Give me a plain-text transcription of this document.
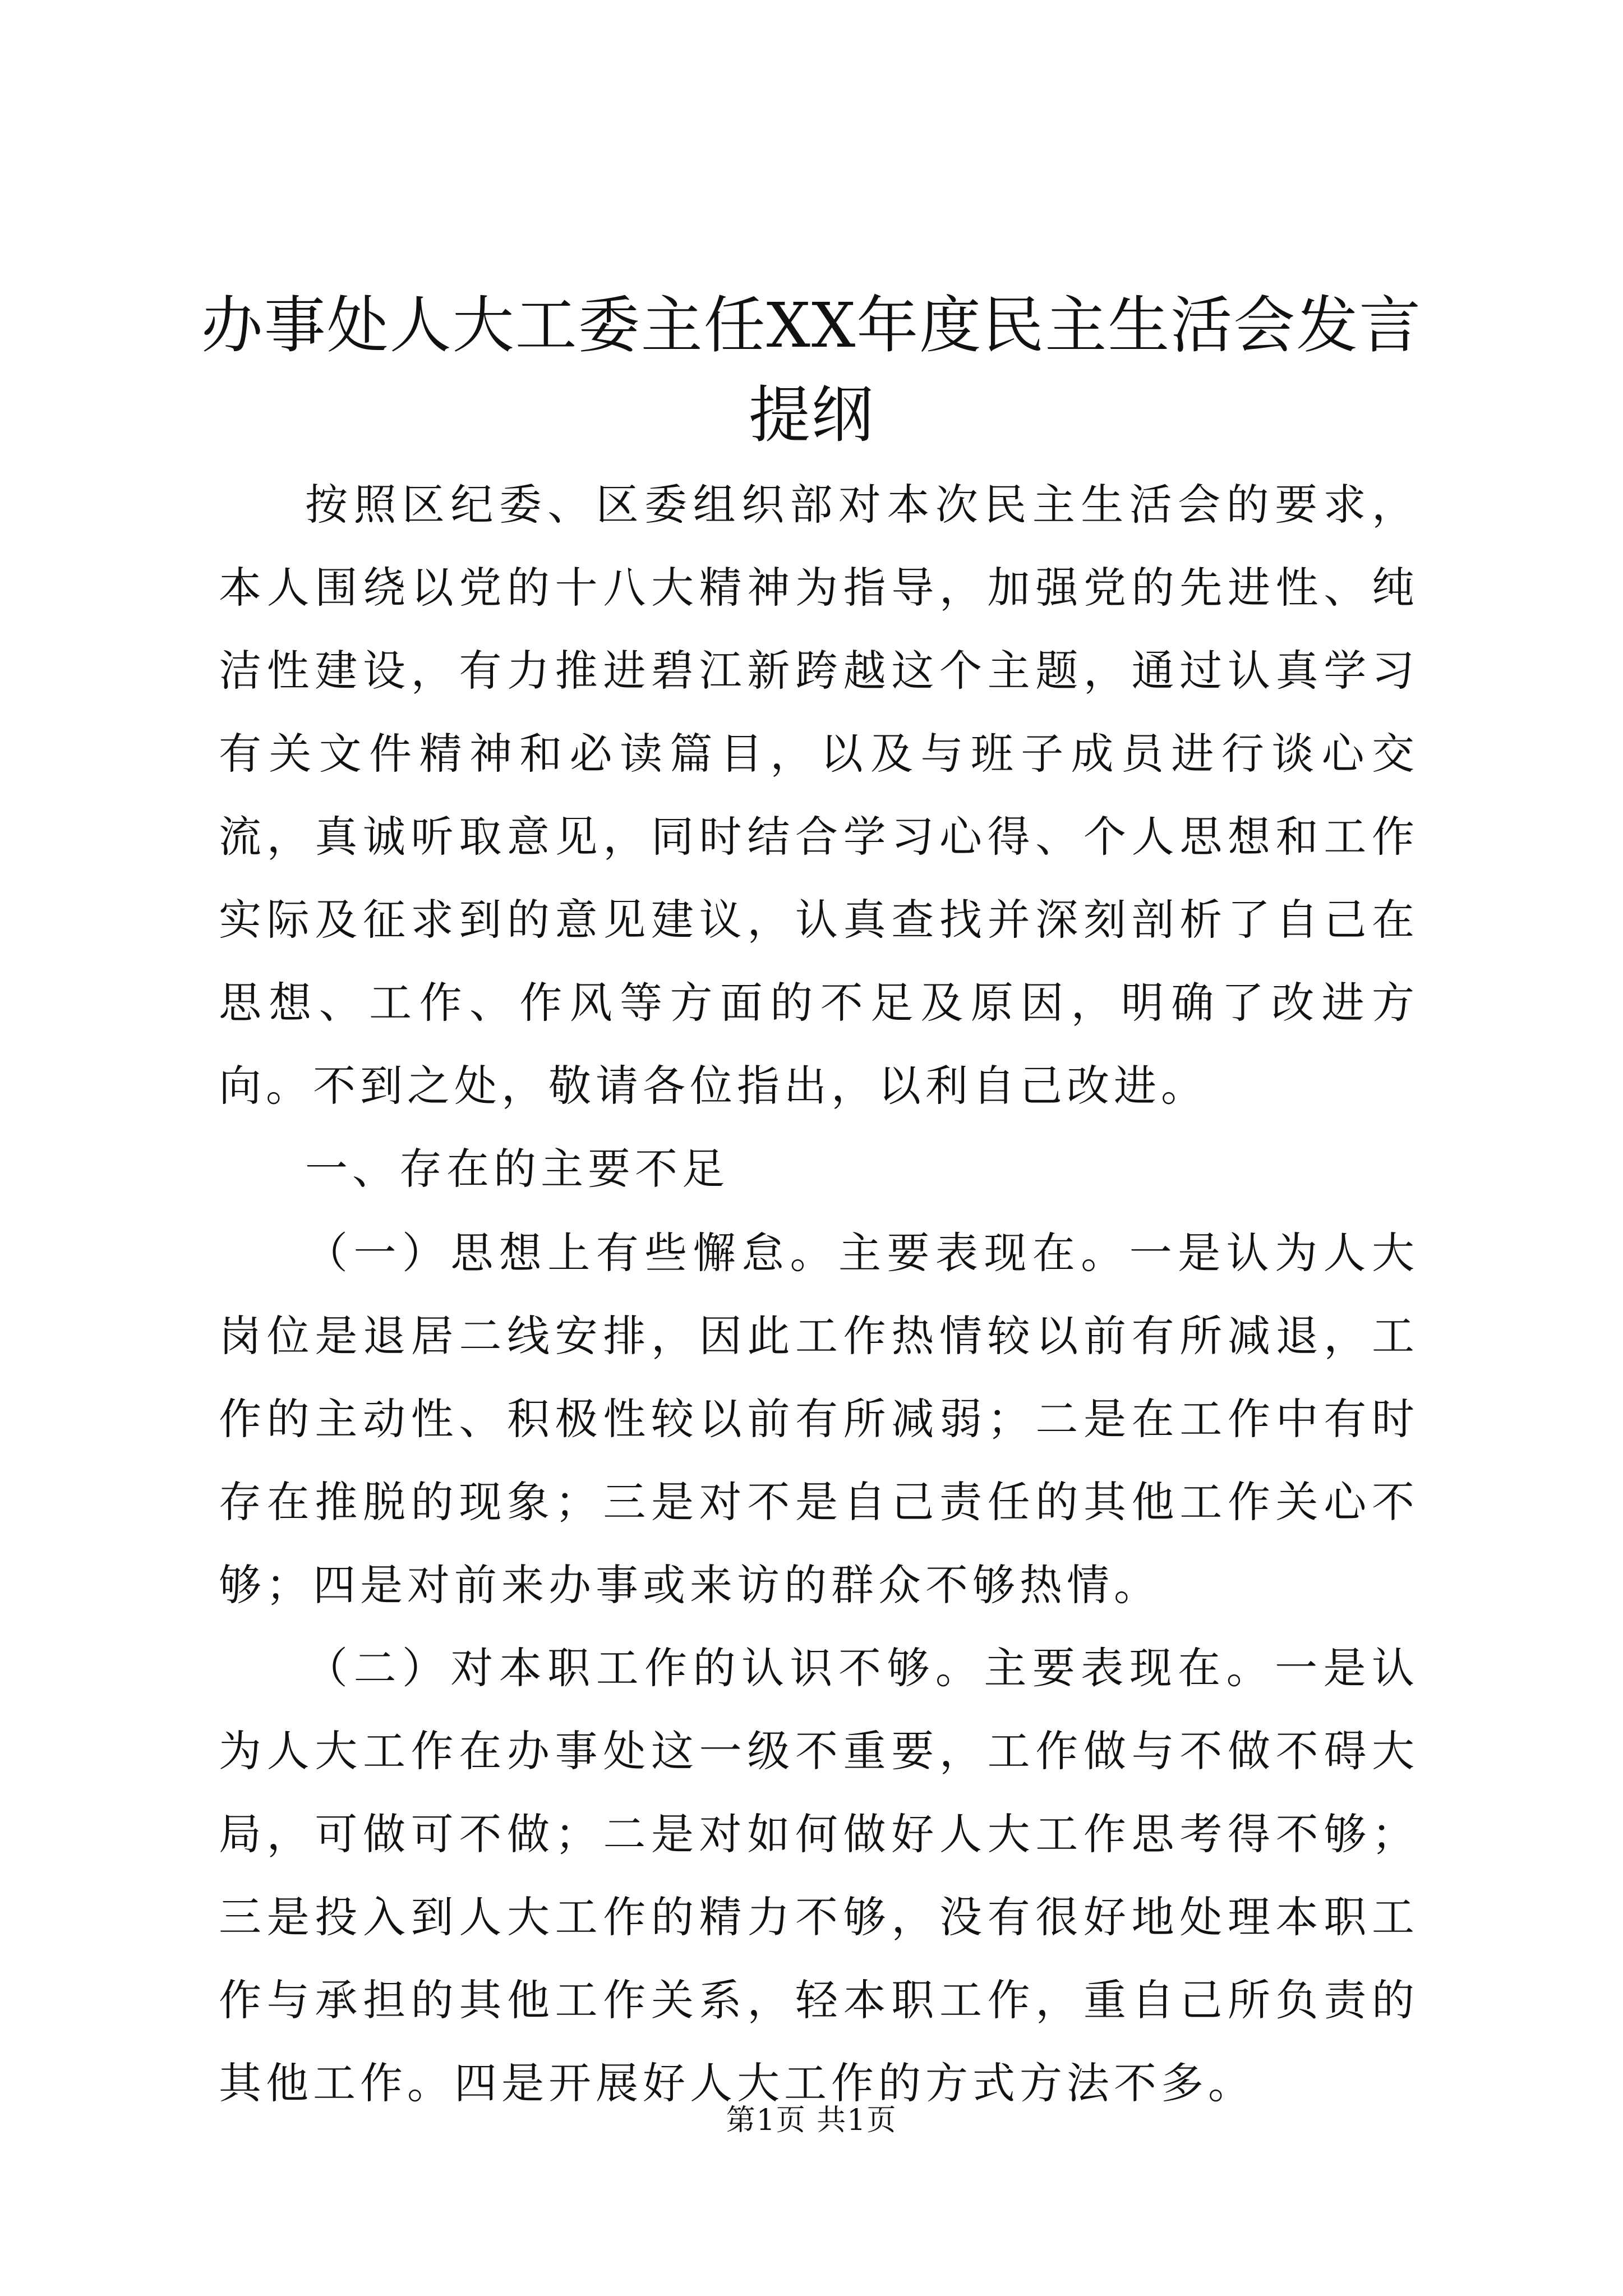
办事处人大工委主任XX年度民主生活会发言
提纲

按照区纪委、区委组织部对本次民主生活会的要求，本人围绕以党的十八大精神为指导，加强党的先进性、纯洁性建设，有力推进碧江新跨越这个主题，通过认真学习有关文件精神和必读篇目，以及与班子成员进行谈心交流，真诚听取意见，同时结合学习心得、个人思想和工作实际及征求到的意见建议，认真查找并深刻剖析了自己在思想、工作、作风等方面的不足及原因，明确了改进方向。不到之处，敬请各位指出，以利自己改进。

一、存在的主要不足

（一）思想上有些懈怠。主要表现在。一是认为人大岗位是退居二线安排，因此工作热情较以前有所减退，工作的主动性、积极性较以前有所减弱；二是在工作中有时存在推脱的现象；三是对不是自己责任的其他工作关心不够；四是对前来办事或来访的群众不够热情。

（二）对本职工作的认识不够。主要表现在。一是认为人大工作在办事处这一级不重要，工作做与不做不碍大局，可做可不做；二是对如何做好人大工作思考得不够；三是投入到人大工作的精力不够，没有很好地处理本职工作与承担的其他工作关系，轻本职工作，重自己所负责的其他工作。四是开展好人大工作的方式方法不多。

第1页 共1页
